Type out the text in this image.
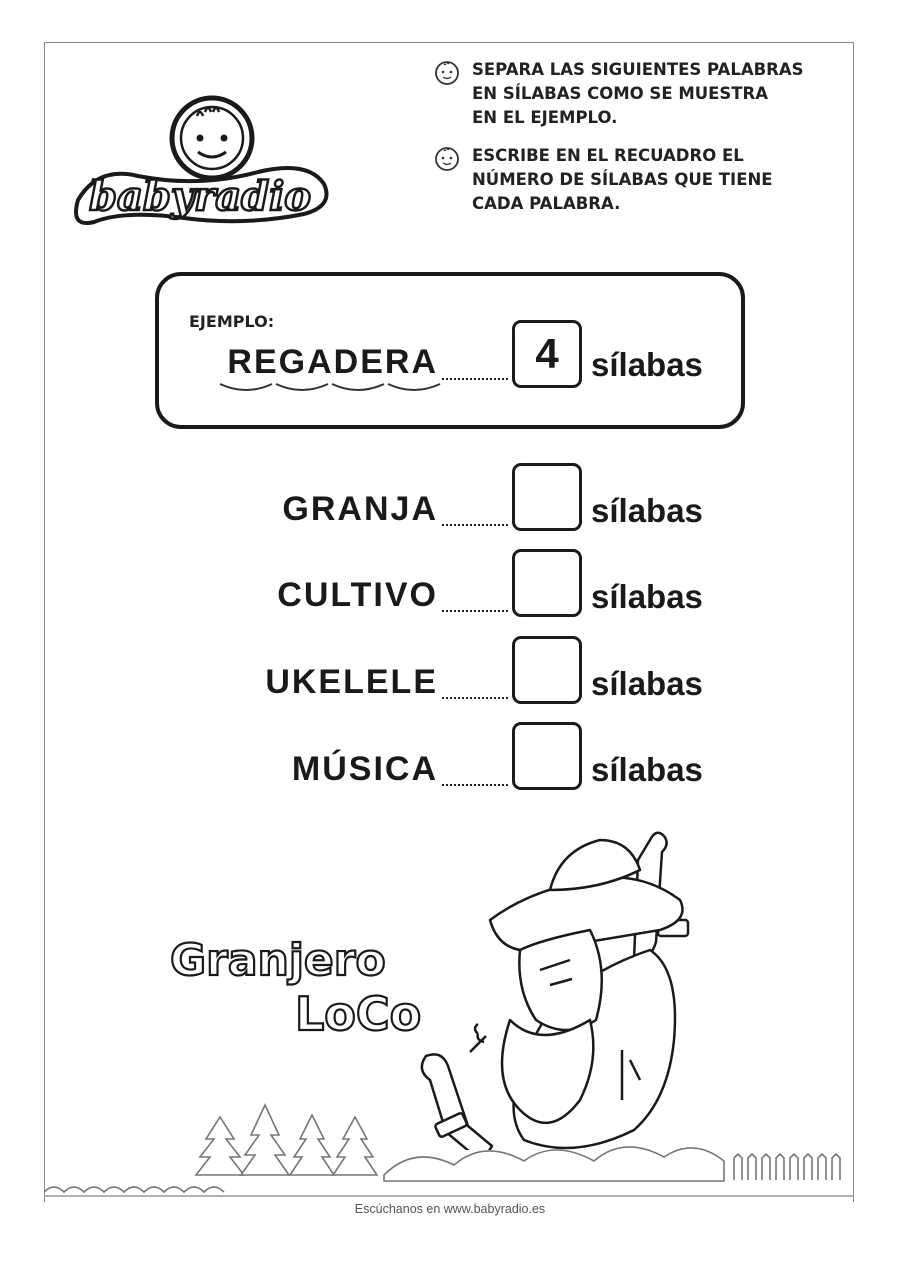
babyradio
SEPARA LAS SIGUIENTES PALABRAS
EN SÍLABAS COMO SE MUESTRA
EN EL EJEMPLO.
ESCRIBE EN EL RECUADRO EL
NÚMERO DE SÍLABAS QUE TIENE
CADA PALABRA.
EJEMPLO:
REGADERA	4 sílabas
GRANJA	sílabas
CULTIVO	sílabas
UKELELE	sílabas
MÚSICA	sílabas
Granjero
LoCo
Escúchanos en www.babyradio.es
